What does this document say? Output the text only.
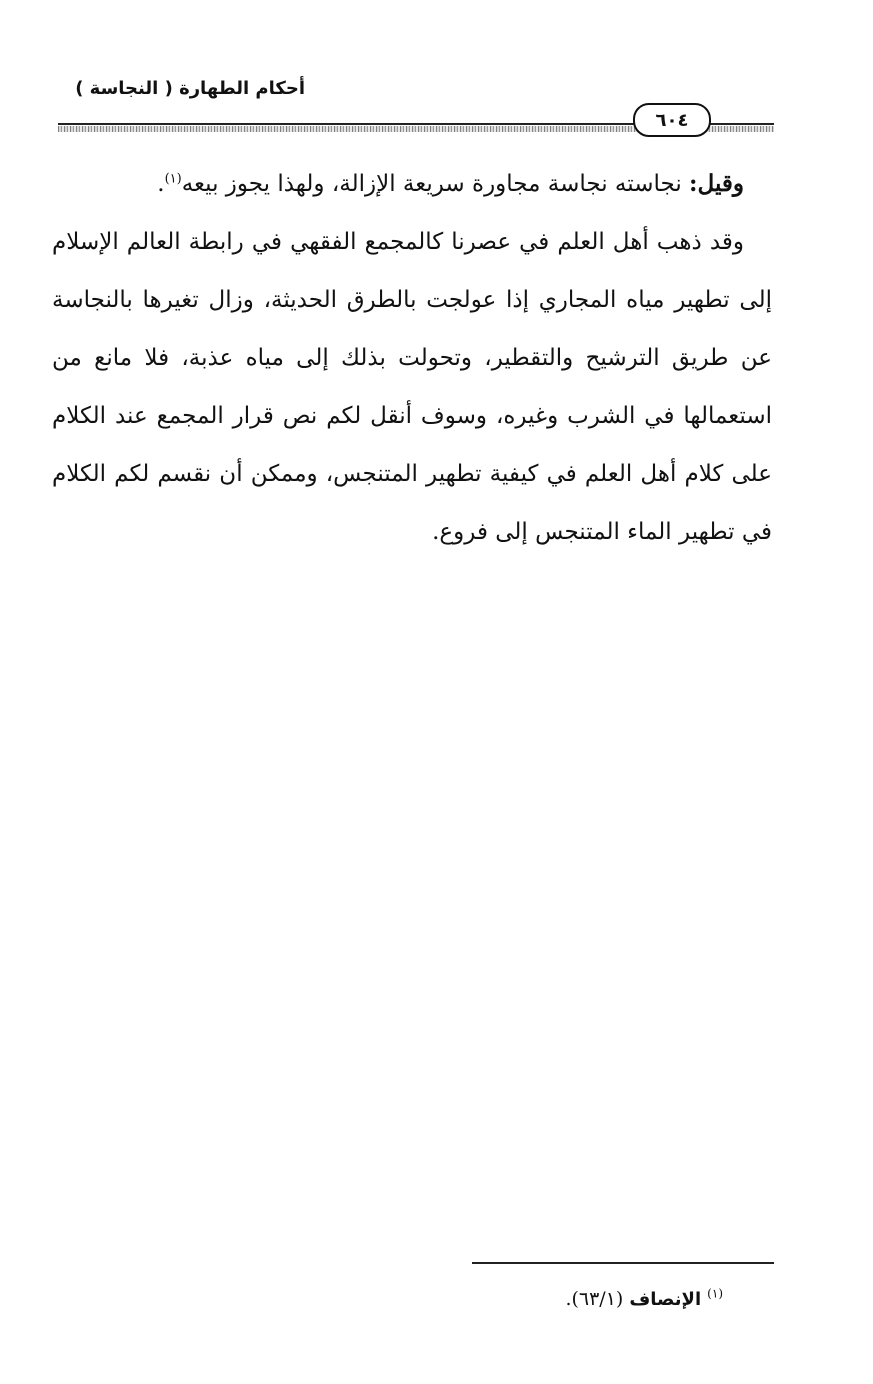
أحكام الطهارة ( النجاسة )
٦٠٤

وقيل: نجاسته نجاسة مجاورة سريعة الإزالة، ولهذا يجوز بيعه$^{(١)}$.

وقد ذهب أهل العلم في عصرنا كالمجمع الفقهي في رابطة العالم الإسلام إلى تطهير مياه المجاري إذا عولجت بالطرق الحديثة، وزال تغيرها بالنجاسة عن طريق الترشيح والتقطير، وتحولت بذلك إلى مياه عذبة، فلا مانع من استعمالها في الشرب وغيره، وسوف أنقل لكم نص قرار المجمع عند الكلام على كلام أهل العلم في كيفية تطهير المتنجس، وممكن أن نقسم لكم الكلام في تطهير الماء المتنجس إلى فروع.

$^{(١)}$ الإنصاف (٦٣/١).
